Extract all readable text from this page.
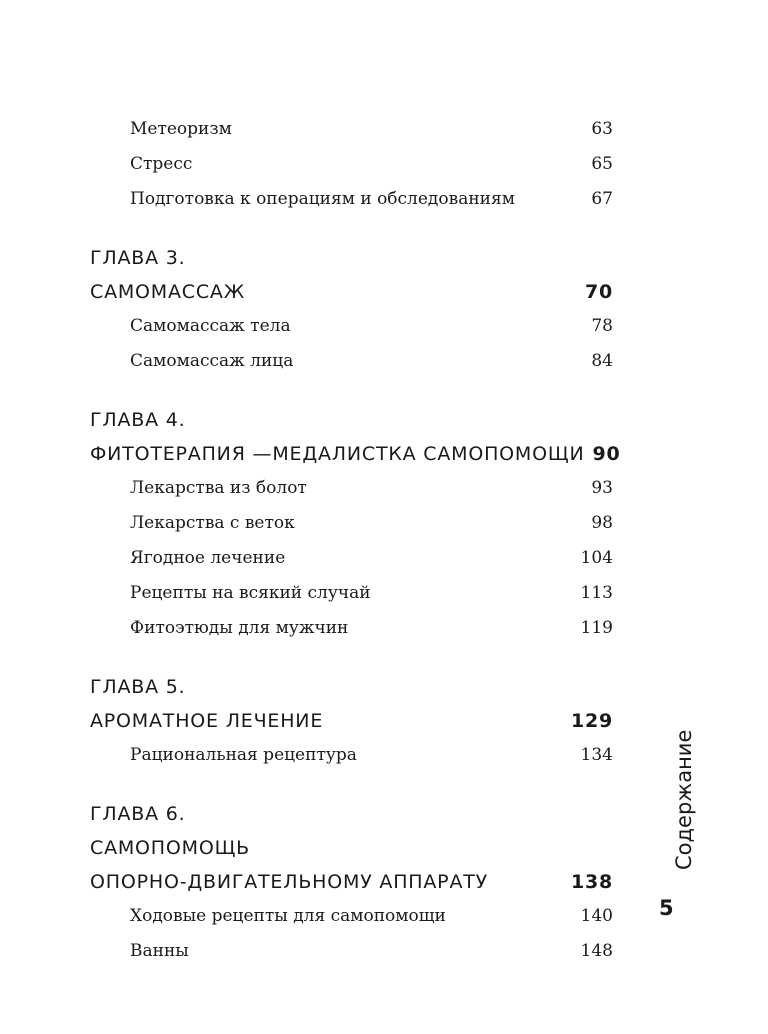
Метеоризм	63
Стресс	65
Подготовка к операциям и обследованиям	67
ГЛАВА 3.
САМОМАССАЖ	70
Самомассаж тела	78
Самомассаж лица	84
ГЛАВА 4.
ФИТОТЕРАПИЯ —МЕДАЛИСТКА САМОПОМОЩИ 90
Лекарства из болот	93
Лекарства с веток	98
Ягодное лечение	104
Рецепты на всякий случай	113
Фитоэтюды для мужчин	119
ГЛАВА 5.
АРОМАТНОЕ ЛЕЧЕНИЕ	129
Рациональная рецептура	134
ГЛАВА 6.
САМОПОМОЩЬ
ОПОРНО-ДВИГАТЕЛЬНОМУ АППАРАТУ	138
Ходовые рецепты для самопомощи	140
Ванны	148
Содержание
5
